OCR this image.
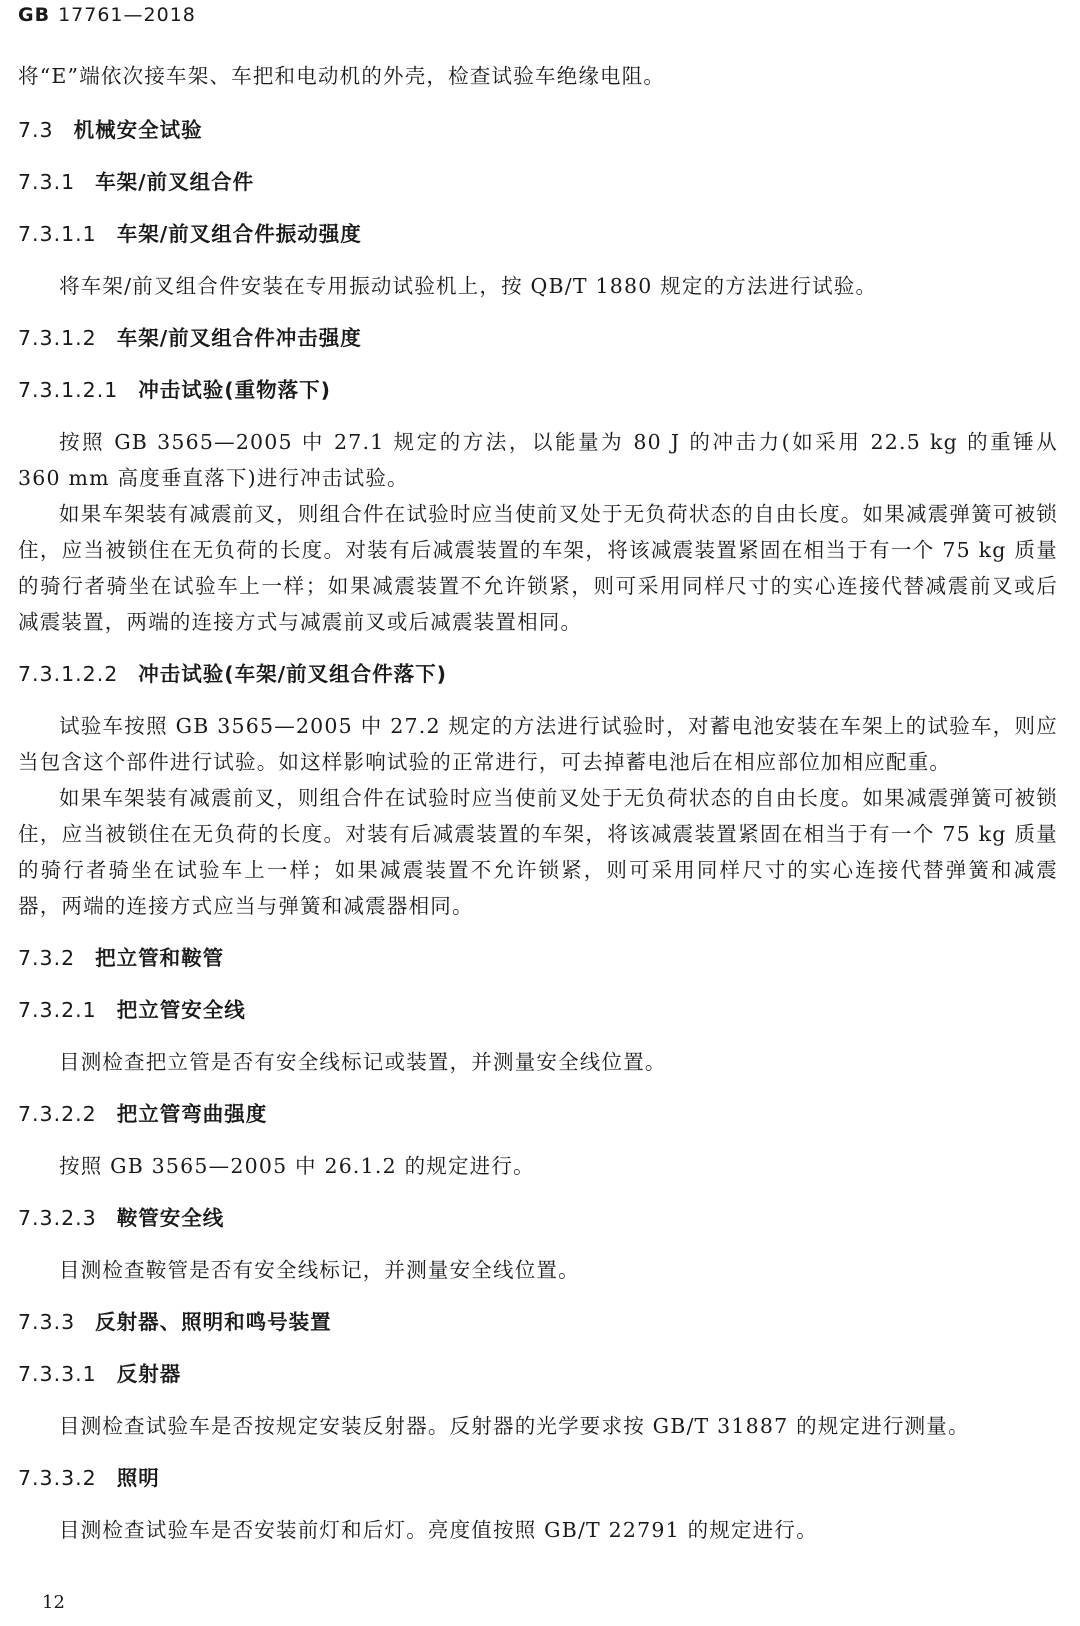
GB 17761—2018

将“E”端依次接车架、车把和电动机的外壳，检查试验车绝缘电阻。

7.3 机械安全试验
7.3.1 车架/前叉组合件
7.3.1.1 车架/前叉组合件振动强度

将车架/前叉组合件安装在专用振动试验机上，按 QB/T 1880 规定的方法进行试验。

7.3.1.2 车架/前叉组合件冲击强度
7.3.1.2.1 冲击试验(重物落下)

按照 GB 3565—2005 中 27.1 规定的方法，以能量为 80 J 的冲击力(如采用 22.5 kg 的重锤从 360 mm 高度垂直落下)进行冲击试验。

如果车架装有减震前叉，则组合件在试验时应当使前叉处于无负荷状态的自由长度。如果减震弹簧可被锁住，应当被锁住在无负荷的长度。对装有后减震装置的车架，将该减震装置紧固在相当于有一个 75 kg 质量的骑行者骑坐在试验车上一样；如果减震装置不允许锁紧，则可采用同样尺寸的实心连接代替减震前叉或后减震装置，两端的连接方式与减震前叉或后减震装置相同。

7.3.1.2.2 冲击试验(车架/前叉组合件落下)

试验车按照 GB 3565—2005 中 27.2 规定的方法进行试验时，对蓄电池安装在车架上的试验车，则应当包含这个部件进行试验。如这样影响试验的正常进行，可去掉蓄电池后在相应部位加相应配重。

如果车架装有减震前叉，则组合件在试验时应当使前叉处于无负荷状态的自由长度。如果减震弹簧可被锁住，应当被锁住在无负荷的长度。对装有后减震装置的车架，将该减震装置紧固在相当于有一个 75 kg 质量的骑行者骑坐在试验车上一样；如果减震装置不允许锁紧，则可采用同样尺寸的实心连接代替弹簧和减震器，两端的连接方式应当与弹簧和减震器相同。

7.3.2 把立管和鞍管
7.3.2.1 把立管安全线

目测检查把立管是否有安全线标记或装置，并测量安全线位置。

7.3.2.2 把立管弯曲强度

按照 GB 3565—2005 中 26.1.2 的规定进行。

7.3.2.3 鞍管安全线

目测检查鞍管是否有安全线标记，并测量安全线位置。

7.3.3 反射器、照明和鸣号装置
7.3.3.1 反射器

目测检查试验车是否按规定安装反射器。反射器的光学要求按 GB/T 31887 的规定进行测量。

7.3.3.2 照明

目测检查试验车是否安装前灯和后灯。亮度值按照 GB/T 22791 的规定进行。

12
